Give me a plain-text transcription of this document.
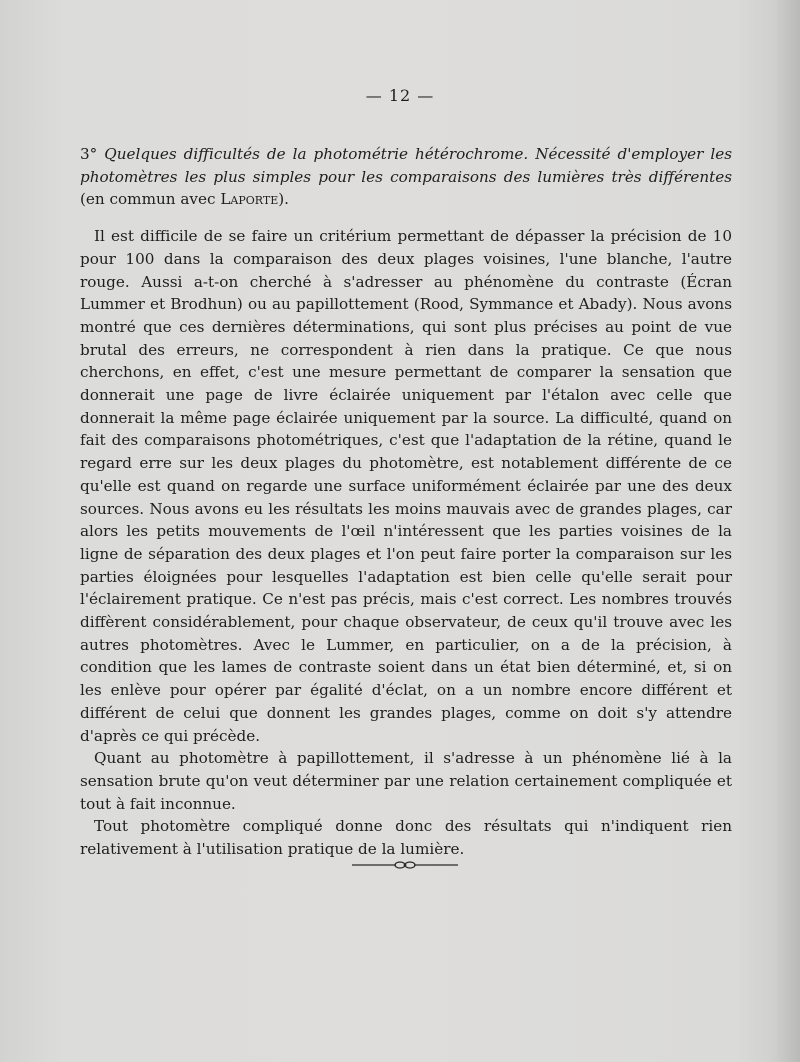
— 12 —

3° Quelques difficultés de la photométrie hétérochrome. Nécessité d'employer les photomètres les plus simples pour les comparaisons des lumières très différentes (en commun avec Laporte).

Il est difficile de se faire un critérium permettant de dépasser la précision de 10 pour 100 dans la comparaison des deux plages voisines, l'une blanche, l'autre rouge. Aussi a-t-on cherché à s'adresser au phénomène du contraste (Écran Lummer et Brodhun) ou au papillottement (Rood, Symmance et Abady). Nous avons montré que ces dernières déterminations, qui sont plus précises au point de vue brutal des erreurs, ne correspondent à rien dans la pratique. Ce que nous cherchons, en effet, c'est une mesure permettant de comparer la sensation que donnerait une page de livre éclairée uniquement par l'étalon avec celle que donnerait la même page éclairée uniquement par la source. La difficulté, quand on fait des comparaisons photométriques, c'est que l'adaptation de la rétine, quand le regard erre sur les deux plages du photomètre, est notablement différente de ce qu'elle est quand on regarde une surface uniformément éclairée par une des deux sources. Nous avons eu les résultats les moins mauvais avec de grandes plages, car alors les petits mouvements de l'œil n'intéressent que les parties voisines de la ligne de séparation des deux plages et l'on peut faire porter la comparaison sur les parties éloignées pour lesquelles l'adaptation est bien celle qu'elle serait pour l'éclairement pratique. Ce n'est pas précis, mais c'est correct. Les nombres trouvés diffèrent considérablement, pour chaque observateur, de ceux qu'il trouve avec les autres photomètres. Avec le Lummer, en particulier, on a de la précision, à condition que les lames de contraste soient dans un état bien déterminé, et, si on les enlève pour opérer par égalité d'éclat, on a un nombre encore différent et différent de celui que donnent les grandes plages, comme on doit s'y attendre d'après ce qui précède.

Quant au photomètre à papillottement, il s'adresse à un phénomène lié à la sensation brute qu'on veut déterminer par une relation certainement compliquée et tout à fait inconnue.

Tout photomètre compliqué donne donc des résultats qui n'indiquent rien relativement à l'utilisation pratique de la lumière.
